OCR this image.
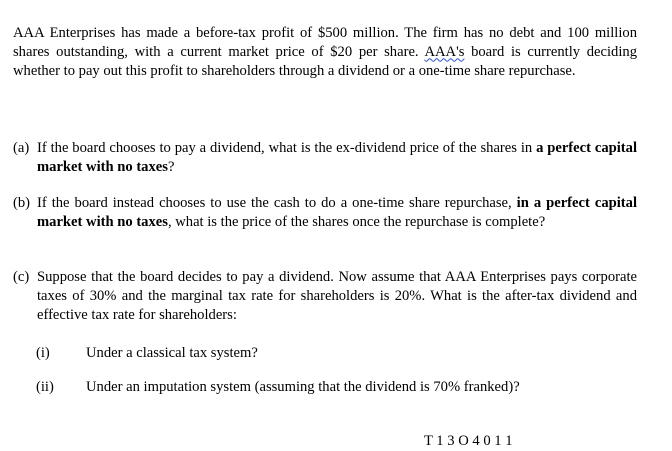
AAA Enterprises has made a before-tax profit of $500 million. The firm has no debt and 100 million shares outstanding, with a current market price of $20 per share. AAA's board is currently deciding whether to pay out this profit to shareholders through a dividend or a one-time share repurchase.

(a) If the board chooses to pay a dividend, what is the ex-dividend price of the shares in a perfect capital market with no taxes?
(b) If the board instead chooses to use the cash to do a one-time share repurchase, in a perfect capital market with no taxes, what is the price of the shares once the repurchase is complete?
(c) Suppose that the board decides to pay a dividend. Now assume that AAA Enterprises pays corporate taxes of 30% and the marginal tax rate for shareholders is 20%. What is the after-tax dividend and effective tax rate for shareholders:
(i) Under a classical tax system?
(ii) Under an imputation system (assuming that the dividend is 70% franked)?
T 1 3 O 4 0 1 1
